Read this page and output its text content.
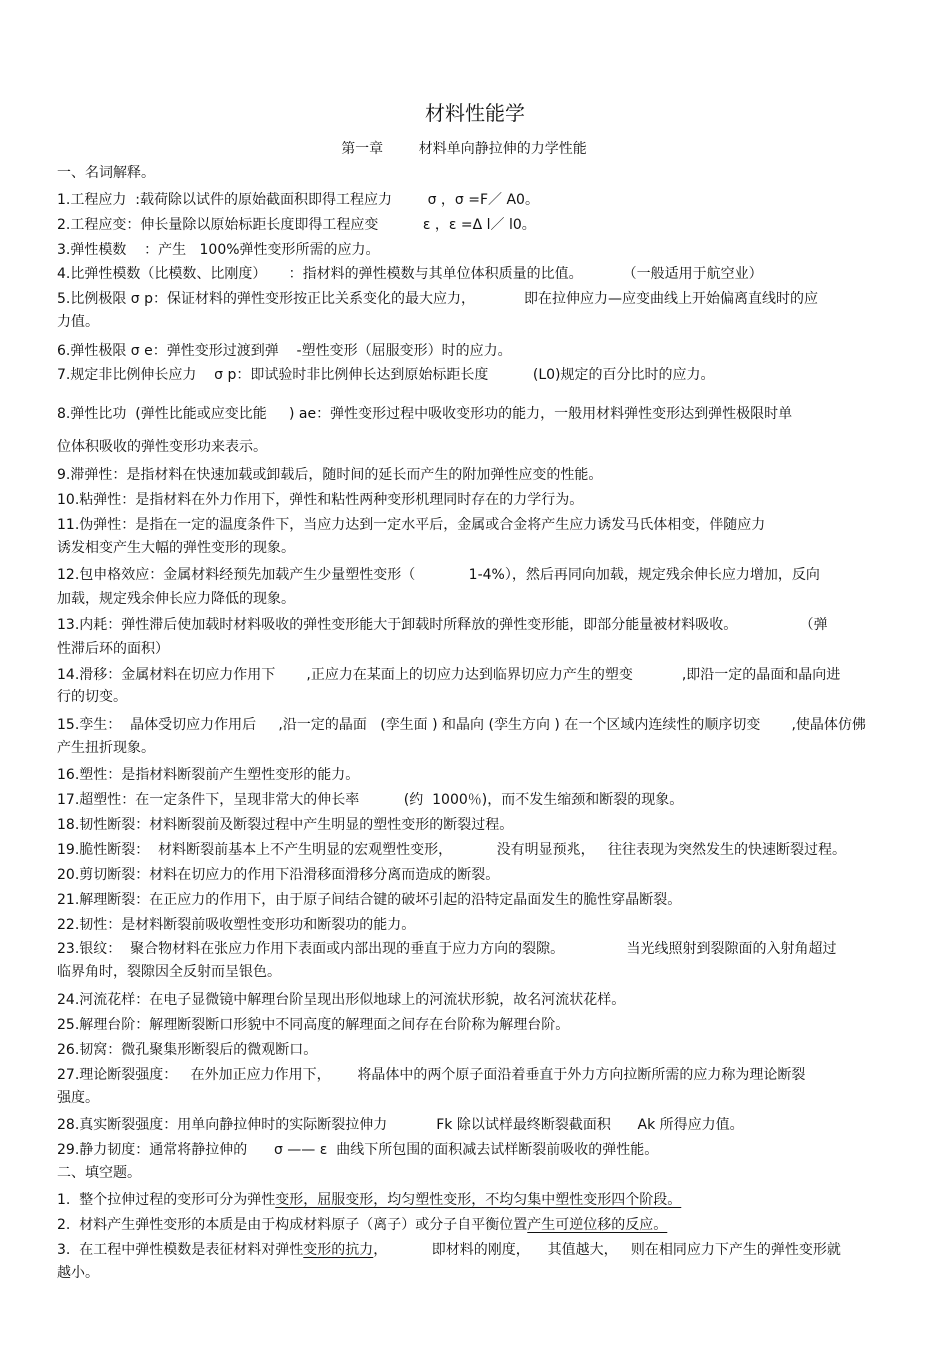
材料性能学
第一章        材料单向静拉伸的力学性能
一、名词解释。
1.工程应力  :载荷除以试件的原始截面积即得工程应力        σ ，σ =F／ A0。
2.工程应变：伸长量除以原始标距长度即得工程应变          ε ，ε =Δ l／ l0。
3.弹性模数    ：产生   100%弹性变形所需的应力。
4.比弹性模数（比模数、比刚度）     ：指材料的弹性模数与其单位体积质量的比值。         （一般适用于航空业）
5.比例极限 σ p：保证材料的弹性变形按正比关系变化的最大应力，           即在拉伸应力—应变曲线上开始偏离直线时的应
力值。
6.弹性极限 σ e：弹性变形过渡到弹    -塑性变形（屈服变形）时的应力。
7.规定非比例伸长应力    σ p：即试验时非比例伸长达到原始标距长度          (L0)规定的百分比时的应力。
8.弹性比功  (弹性比能或应变比能     ) ae：弹性变形过程中吸收变形功的能力，一般用材料弹性变形达到弹性极限时单
位体积吸收的弹性变形功来表示。
9.滞弹性：是指材料在快速加载或卸载后，随时间的延长而产生的附加弹性应变的性能。
10.粘弹性：是指材料在外力作用下，弹性和粘性两种变形机理同时存在的力学行为。
11.伪弹性：是指在一定的温度条件下，当应力达到一定水平后，金属或合金将产生应力诱发马氏体相变，伴随应力
诱发相变产生大幅的弹性变形的现象。
12.包申格效应：金属材料经预先加载产生少量塑性变形（            1-4%），然后再同向加载，规定残余伸长应力增加，反向
加载，规定残余伸长应力降低的现象。
13.内耗：弹性滞后使加载时材料吸收的弹性变形能大于卸载时所释放的弹性变形能，即部分能量被材料吸收。              （弹
性滞后环的面积）
14.滑移：金属材料在切应力作用下       ,正应力在某面上的切应力达到临界切应力产生的塑变           ,即沿一定的晶面和晶向进
行的切变。
15.孪生：  晶体受切应力作用后     ,沿一定的晶面   (孪生面 ) 和晶向 (孪生方向 ) 在一个区域内连续性的顺序切变       ,使晶体仿佛
产生扭折现象。
16.塑性：是指材料断裂前产生塑性变形的能力。
17.超塑性：在一定条件下，呈现非常大的伸长率          (约  1000％)，而不发生缩颈和断裂的现象。
18.韧性断裂：材料断裂前及断裂过程中产生明显的塑性变形的断裂过程。
19.脆性断裂：  材料断裂前基本上不产生明显的宏观塑性变形，          没有明显预兆，   往往表现为突然发生的快速断裂过程。
20.剪切断裂：材料在切应力的作用下沿滑移面滑移分离而造成的断裂。
21.解理断裂：在正应力的作用下，由于原子间结合键的破坏引起的沿特定晶面发生的脆性穿晶断裂。
22.韧性：是材料断裂前吸收塑性变形功和断裂功的能力。
23.银纹：  聚合物材料在张应力作用下表面或内部出现的垂直于应力方向的裂隙。              当光线照射到裂隙面的入射角超过
临界角时，裂隙因全反射而呈银色。
24.河流花样：在电子显微镜中解理台阶呈现出形似地球上的河流状形貌，故名河流状花样。
25.解理台阶：解理断裂断口形貌中不同高度的解理面之间存在台阶称为解理台阶。
26.韧窝：微孔聚集形断裂后的微观断口。
27.理论断裂强度：   在外加正应力作用下，      将晶体中的两个原子面沿着垂直于外力方向拉断所需的应力称为理论断裂
强度。
28.真实断裂强度：用单向静拉伸时的实际断裂拉伸力           Fk 除以试样最终断裂截面积      Ak 所得应力值。
29.静力韧度：通常将静拉伸的      σ —— ε  曲线下所包围的面积减去试样断裂前吸收的弹性能。
二、填空题。
1.  整个拉伸过程的变形可分为弹性变形，屈服变形，均匀塑性变形，不均匀集中塑性变形四个阶段。
2.  材料产生弹性变形的本质是由于构成材料原子（离子）或分子自平衡位置产生可逆位移的反应。
3.  在工程中弹性模数是表征材料对弹性变形的抗力，          即材料的刚度，    其值越大，   则在相同应力下产生的弹性变形就
越小。
